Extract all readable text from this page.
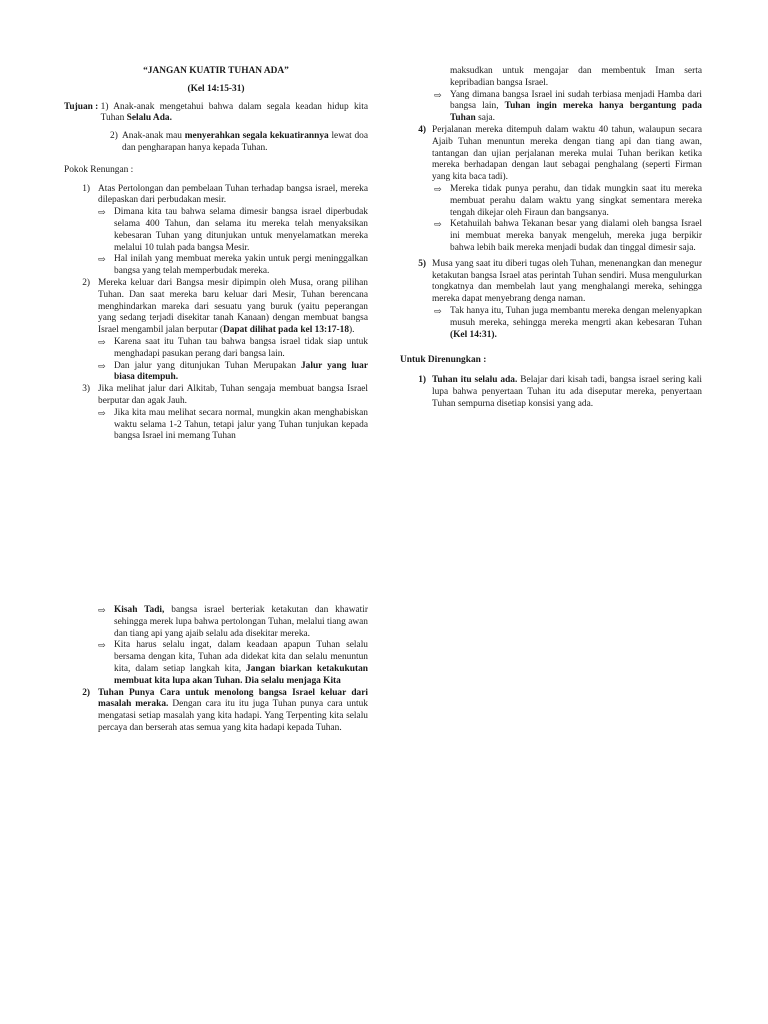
“JANGAN KUATIR TUHAN ADA”
(Kel 14:15-31)
Tujuan :
1) Anak-anak mengetahui bahwa dalam segala keadan hidup kita Tuhan Selalu Ada.
2) Anak-anak mau menyerahkan segala kekuatirannya lewat doa dan pengharapan hanya kepada Tuhan.
Pokok Renungan :
1) Atas Pertolongan dan pembelaan Tuhan terhadap bangsa israel, mereka dilepaskan dari perbudakan mesir.
⇨ Dimana kita tau bahwa selama dimesir bangsa israel diperbudak selama 400 Tahun, dan selama itu mereka telah menyaksikan kebesaran Tuhan yang ditunjukan untuk menyelamatkan mereka melalui 10 tulah pada bangsa Mesir.
⇨ Hal inilah yang membuat mereka yakin untuk pergi meninggalkan bangsa yang telah memperbudak mereka.
2) Mereka keluar dari Bangsa mesir dipimpin oleh Musa, orang pilihan Tuhan. Dan saat mereka baru keluar dari Mesir, Tuhan berencana menghindarkan mareka dari sesuatu yang buruk (yaitu peperangan yang sedang terjadi disekitar tanah Kanaan) dengan membuat bangsa Israel mengambil jalan berputar (Dapat dilihat pada kel 13:17-18).
⇨ Karena saat itu Tuhan tau bahwa bangsa israel tidak siap untuk menghadapi pasukan perang dari bangsa lain.
⇨ Dan jalur yang ditunjukan Tuhan Merupakan Jalur yang luar biasa ditempuh.
3) Jika melihat jalur dari Alkitab, Tuhan sengaja membuat bangsa Israel berputar dan agak Jauh.
⇨ Jika kita mau melihat secara normal, mungkin akan menghabiskan waktu selama 1-2 Tahun, tetapi jalur yang Tuhan tunjukan kepada bangsa Israel ini memang Tuhan
⇨ Kisah Tadi, bangsa israel berteriak ketakutan dan khawatir sehingga merek lupa bahwa pertolongan Tuhan, melalui tiang awan dan tiang api yang ajaib selalu ada disekitar mereka.
⇨ Kita harus selalu ingat, dalam keadaan apapun Tuhan selalu bersama dengan kita, Tuhan ada didekat kita dan selalu menuntun kita, dalam setiap langkah kita, Jangan biarkan ketakukutan membuat kita lupa akan Tuhan. Dia selalu menjaga Kita
2) Tuhan Punya Cara untuk menolong bangsa Israel keluar dari masalah meraka. Dengan cara itu itu juga Tuhan punya cara untuk mengatasi setiap masalah yang kita hadapi. Yang Terpenting kita selalu percaya dan berserah atas semua yang kita hadapi kepada Tuhan.
maksudkan untuk mengajar dan membentuk Iman serta kepribadian bangsa Israel.
⇨ Yang dimana bangsa Israel ini sudah terbiasa menjadi Hamba dari bangsa lain, Tuhan ingin mereka hanya bergantung pada Tuhan saja.
4) Perjalanan mereka ditempuh dalam waktu 40 tahun, walaupun secara Ajaib Tuhan menuntun mereka dengan tiang api dan tiang awan, tantangan dan ujian perjalanan mereka mulai Tuhan berikan ketika mereka berhadapan dengan laut sebagai penghalang (seperti Firman yang kita baca tadi).
⇨ Mereka tidak punya perahu, dan tidak mungkin saat itu mereka membuat perahu dalam waktu yang singkat sementara mereka tengah dikejar oleh Firaun dan bangsanya.
⇨ Ketahuilah bahwa Tekanan besar yang dialami oleh bangsa Israel ini membuat mereka banyak mengeluh, mereka juga berpikir bahwa lebih baik mereka menjadi budak dan tinggal dimesir saja.
5) Musa yang saat itu diberi tugas oleh Tuhan, menenangkan dan menegur ketakutan bangsa Israel atas perintah Tuhan sendiri. Musa mengulurkan tongkatnya dan membelah laut yang menghalangi mereka, sehingga mereka dapat menyebrang denga naman.
⇨ Tak hanya itu, Tuhan juga membantu mereka dengan melenyapkan musuh mereka, sehingga mereka mengrti akan kebesaran Tuhan (Kel 14:31).
Untuk Direnungkan :
1) Tuhan itu selalu ada. Belajar dari kisah tadi, bangsa israel sering kali lupa bahwa penyertaan Tuhan itu ada diseputar mereka, penyertaan Tuhan sempurna disetiap konsisi yang ada.
